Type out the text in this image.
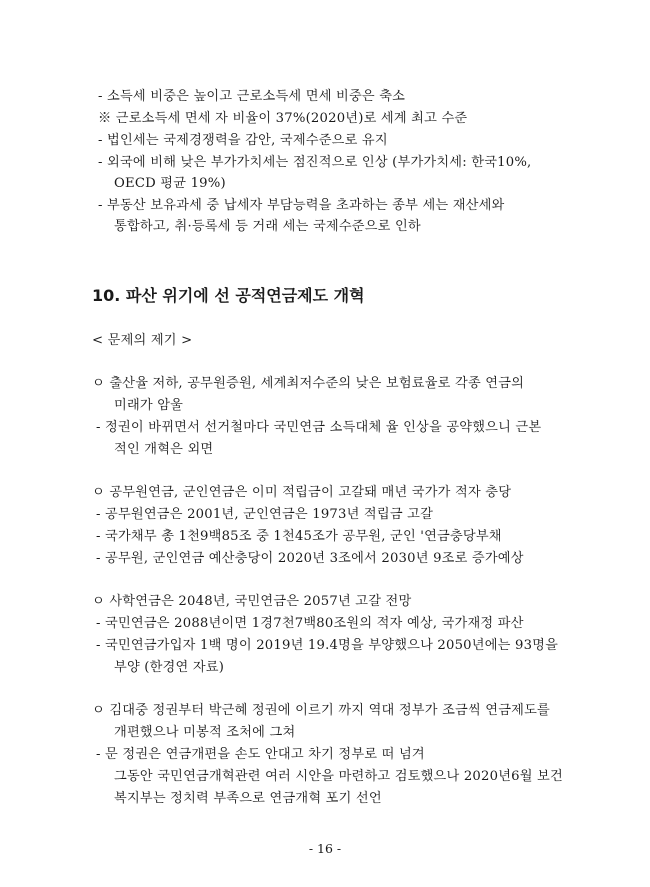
- 소득세 비중은 높이고 근로소득세 면세 비중은 축소
※ 근로소득세 면세 자 비율이 37%(2020년)로 세계 최고 수준
- 법인세는 국제경쟁력을 감안, 국제수준으로 유지
- 외국에 비해 낮은 부가가치세는 점진적으로 인상 (부가가치세: 한국10%,
OECD 평균 19%)
- 부동산 보유과세 중 납세자 부담능력을 초과하는 종부 세는 재산세와
통합하고, 취·등록세 등 거래 세는 국제수준으로 인하
10. 파산 위기에 선 공적연금제도 개혁
< 문제의 제기 >
ㅇ 출산율 저하, 공무원증원, 세계최저수준의 낮은 보험료율로 각종 연금의
미래가 암울
- 정권이 바뀌면서 선거철마다 국민연금 소득대체 율 인상을 공약했으니 근본
적인 개혁은 외면
ㅇ 공무원연금, 군인연금은 이미 적립금이 고갈돼 매년 국가가 적자 충당
- 공무원연금은 2001년, 군인연금은 1973년 적립금 고갈
- 국가채무 총 1천9백85조 중 1천45조가 공무원, 군인 '연금충당부채
- 공무원, 군인연금 예산충당이 2020년 3조에서 2030년 9조로 증가예상
ㅇ 사학연금은 2048년, 국민연금은 2057년 고갈 전망
- 국민연금은 2088년이면 1경7천7백80조원의 적자 예상, 국가재정 파산
- 국민연금가입자 1백 명이 2019년 19.4명을 부양했으나 2050년에는 93명을
부양 (한경연 자료)
ㅇ 김대중 정권부터 박근혜 정권에 이르기 까지 역대 정부가 조금씩 연금제도를
개편했으나 미봉적 조처에 그쳐
- 문 정권은 연금개편을 손도 안대고 차기 정부로 떠 넘겨
그동안 국민연금개혁관련 여러 시안을 마련하고 검토했으나 2020년6월 보건
복지부는 정치력 부족으로 연금개혁 포기 선언
- 16 -
